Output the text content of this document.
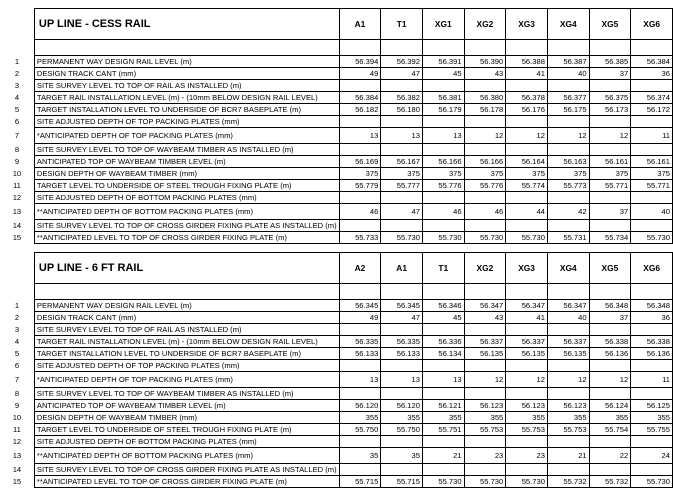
	UP LINE - CESS RAIL	A1	T1	XG1	XG2	XG3	XG4	XG5	XG6

1	PERMANENT WAY DESIGN RAIL LEVEL (m)	56.394	56.392	56.391	56.390	56.388	56.387	56.385	56.384
2	DESIGN TRACK CANT (mm)	49	47	45	43	41	40	37	36
3	SITE SURVEY LEVEL TO TOP OF RAIL AS INSTALLED (m)								
4	TARGET RAIL INSTALLATION LEVEL (m) - (10mm BELOW DESIGN RAIL LEVEL)	56.384	56.382	56.381	56.380	56.378	56.377	56.375	56.374
5	TARGET INSTALLATION LEVEL TO UNDERSIDE OF BCR7 BASEPLATE (m)	56.182	56.180	56.179	56.178	56.176	56.175	56.173	56.172
6	SITE ADJUSTED DEPTH OF TOP PACKING PLATES (mm)								
7	*ANTICIPATED DEPTH OF TOP PACKING PLATES (mm)	13	13	13	12	12	12	12	11
8	SITE SURVEY LEVEL TO TOP OF WAYBEAM TIMBER AS INSTALLED (m)								
9	ANTICIPATED TOP OF WAYBEAM TIMBER LEVEL (m)	56.169	56.167	56.166	56.166	56.164	56.163	56.161	56.161
10	DESIGN DEPTH OF WAYBEAM TIMBER (mm)	375	375	375	375	375	375	375	375
11	TARGET LEVEL TO UNDERSIDE OF STEEL TROUGH FIXING PLATE (m)	55.779	55.777	55.776	55.776	55.774	55.773	55.771	55.771
12	SITE ADJUSTED DEPTH OF BOTTOM PACKING PLATES (mm)								
13	**ANTICIPATED DEPTH OF BOTTOM PACKING PLATES (mm)	46	47	46	46	44	42	37	40
14	SITE SURVEY LEVEL TO TOP OF CROSS GIRDER FIXING PLATE AS INSTALLED (m)								
15	**ANTICIPATED LEVEL TO TOP OF CROSS GIRDER FIXING PLATE (m)	55.733	55.730	55.730	55.730	55.730	55.731	55.734	55.730
	UP LINE - 6 FT RAIL	A2	A1	T1	XG2	XG3	XG4	XG5	XG6

1	PERMANENT WAY DESIGN RAIL LEVEL (m)	56.345	56.345	56.346	56.347	56.347	56.347	56.348	56.348
2	DESIGN TRACK CANT (mm)	49	47	45	43	41	40	37	36
3	SITE SURVEY LEVEL TO TOP OF RAIL AS INSTALLED (m)								
4	TARGET RAIL INSTALLATION LEVEL (m) - (10mm BELOW DESIGN RAIL LEVEL)	56.335	56.335	56.336	56.337	56.337	56.337	56.338	56.338
5	TARGET INSTALLATION LEVEL TO UNDERSIDE OF BCR7 BASEPLATE (m)	56.133	56.133	56.134	56.135	56.135	56.135	56.136	56.136
6	SITE ADJUSTED DEPTH OF TOP PACKING PLATES (mm)								
7	*ANTICIPATED DEPTH OF TOP PACKING PLATES (mm)	13	13	13	12	12	12	12	11
8	SITE SURVEY LEVEL TO TOP OF WAYBEAM TIMBER AS INSTALLED (m)								
9	ANTICIPATED TOP OF WAYBEAM TIMBER LEVEL (m)	56.120	56.120	56.121	56.123	56.123	56.123	56.124	56.125
10	DESIGN DEPTH OF WAYBEAM TIMBER (mm)	355	355	355	355	355	355	355	355
11	TARGET LEVEL TO UNDERSIDE OF STEEL TROUGH FIXING PLATE (m)	55.750	55.750	55.751	55.753	55.753	55.753	55.754	55.755
12	SITE ADJUSTED DEPTH OF BOTTOM PACKING PLATES (mm)								
13	**ANTICIPATED DEPTH OF BOTTOM PACKING PLATES (mm)	35	35	21	23	23	21	22	24
14	SITE SURVEY LEVEL TO TOP OF CROSS GIRDER FIXING PLATE AS INSTALLED (m)								
15	**ANTICIPATED LEVEL TO TOP OF CROSS GIRDER FIXING PLATE (m)	55.715	55.715	55.730	55.730	55.730	55.732	55.732	55.730
